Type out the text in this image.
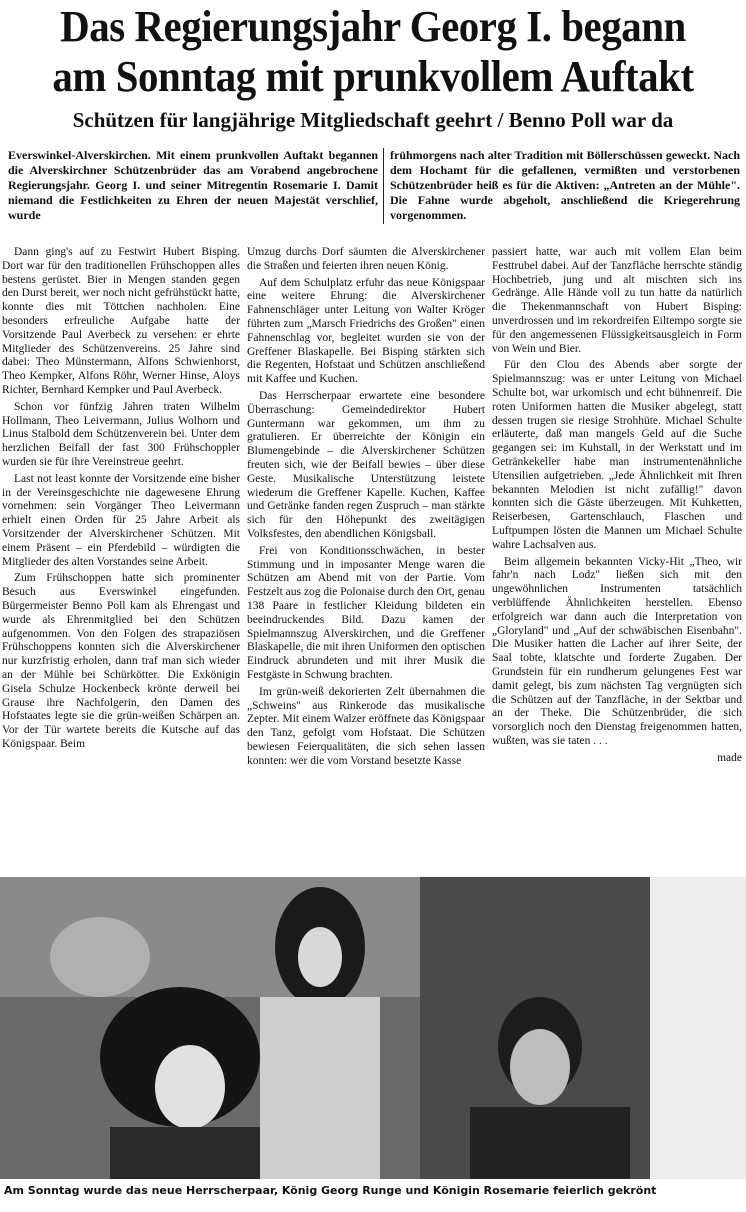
Das Regierungsjahr Georg I. begann
am Sonntag mit prunkvollem Auftakt
Schützen für langjährige Mitgliedschaft geehrt / Benno Poll war da
Everswinkel-Alverskirchen. Mit einem prunkvollen Auftakt begannen die Alverskirchner Schützenbrüder das am Vorabend angebrochene Regierungsjahr. Georg I. und seiner Mitregentin Rosemarie I. Damit niemand die Festlichkeiten zu Ehren der neuen Majestät verschlief, wurde
frühmorgens nach alter Tradition mit Böllerschüssen geweckt. Nach dem Hochamt für die gefallenen, vermißten und verstorbenen Schützenbrüder heiß es für die Aktiven: „Antreten an der Mühle". Die Fahne wurde abgeholt, anschließend die Kriegerehrung vorgenommen.

Dann ging's auf zu Festwirt Hubert Bisping. Dort war für den traditionellen Frühschoppen alles bestens gerüstet. Bier in Mengen standen gegen den Durst bereit, wer noch nicht gefrühstückt hatte, konnte dies mit Töttchen nachholen. Eine besonders erfreuliche Aufgabe hatte der Vorsitzende Paul Averbeck zu versehen: er ehrte Mitglieder des Schützenvereins. 25 Jahre sind dabei: Theo Münstermann, Alfons Schwienhorst, Theo Kempker, Alfons Röhr, Werner Hinse, Aloys Richter, Bernhard Kempker und Paul Averbeck.

Schon vor fünfzig Jahren traten Wilhelm Hollmann, Theo Leivermann, Julius Wolhorn und Linus Stalbold dem Schützenverein bei. Unter dem herzlichen Beifall der fast 300 Frühschoppler wurden sie für ihre Vereinstreue geehrt.

Last not least konnte der Vorsitzende eine bisher in der Vereinsgeschichte nie dagewesene Ehrung vornehmen: sein Vorgänger Theo Leivermann erhielt einen Orden für 25 Jahre Arbeit als Vorsitzender der Alverskirchener Schützen. Mit einem Präsent – ein Pferdebild – würdigten die Mitglieder des alten Vorstandes seine Arbeit.

Zum Frühschoppen hatte sich prominenter Besuch aus Everswinkel eingefunden. Bürgermeister Benno Poll kam als Ehrengast und wurde als Ehrenmitglied bei den Schützen aufgenommen. Von den Folgen des strapaziösen Frühschoppens konnten sich die Alverskirchener nur kurzfristig erholen, dann traf man sich wieder an der Mühle bei Schürkötter. Die Exkönigin Gisela Schulze Hockenbeck krönte derweil bei Grause ihre Nachfolgerin, den Damen des Hofstaates legte sie die grün-weißen Schärpen an. Vor der Tür wartete bereits die Kutsche auf das Königspaar. Beim

Umzug durchs Dorf säumten die Alverskirchener die Straßen und feierten ihren neuen König.

Auf dem Schulplatz erfuhr das neue Königspaar eine weitere Ehrung: die Alverskirchener Fahnenschläger unter Leitung von Walter Kröger führten zum „Marsch Friedrichs des Großen" einen Fahnenschlag vor, begleitet wurden sie von der Greffener Blaskapelle. Bei Bisping stärkten sich die Regenten, Hofstaat und Schützen anschließend mit Kaffee und Kuchen.

Das Herrscherpaar erwartete eine besondere Überraschung: Gemeindedirektor Hubert Guntermann war gekommen, um ihm zu gratulieren. Er überreichte der Königin ein Blumengebinde – die Alverskirchener Schützen freuten sich, wie der Beifall bewies – über diese Geste. Musikalische Unterstützung leistete wiederum die Greffener Kapelle. Kuchen, Kaffee und Getränke fanden regen Zuspruch – man stärkte sich für den Höhepunkt des zweitägigen Volksfestes, den abendlichen Königsball.

Frei von Konditionsschwächen, in bester Stimmung und in imposanter Menge waren die Schützen am Abend mit von der Partie. Vom Festzelt aus zog die Polonaise durch den Ort, genau 138 Paare in festlicher Kleidung bildeten ein beeindruckendes Bild. Dazu kamen der Spielmannszug Alverskirchen, und die Greffener Blaskapelle, die mit ihren Uniformen den optischen Eindruck abrundeten und mit ihrer Musik die Festgäste in Schwung brachten.

Im grün-weiß dekorierten Zelt übernahmen die „Schweins" aus Rinkerode das musikalische Zepter. Mit einem Walzer eröffnete das Königspaar den Tanz, gefolgt vom Hofstaat. Die Schützen bewiesen Feierqualitäten, die sich sehen lassen konnten: wer die vom Vorstand besetzte Kasse

passiert hatte, war auch mit vollem Elan beim Festtrubel dabei. Auf der Tanzfläche herrschte ständig Hochbetrieb, jung und alt mischten sich ins Gedränge. Alle Hände voll zu tun hatte da natürlich die Thekenmannschaft von Hubert Bisping: unverdrossen und im rekordreifen Eiltempo sorgte sie für den angemessenen Flüssigkeitsausgleich in Form von Wein und Bier.

Für den Clou des Abends aber sorgte der Spielmannszug: was er unter Leitung von Michael Schulte bot, war urkomisch und echt bühnenreif. Die roten Uniformen hatten die Musiker abgelegt, statt dessen trugen sie riesige Strohhüte. Michael Schulte erläuterte, daß man mangels Geld auf die Suche gegangen sei: im Kuhstall, in der Werkstatt und im Getränkekeller habe man instrumentenähnliche Utensilien aufgetrieben. „Jede Ähnlichkeit mit Ihren bekannten Melodien ist nicht zufällig!" davon konnten sich die Gäste überzeugen. Mit Kuhketten, Reiserbesen, Gartenschlauch, Flaschen und Luftpumpen lösten die Mannen um Michael Schulte wahre Lachsalven aus.

Beim allgemein bekannten Vicky-Hit „Theo, wir fahr'n nach Lodz" ließen sich mit den ungewöhnlichen Instrumenten tatsächlich verblüffende Ähnlichkeiten herstellen. Ebenso erfolgreich war dann auch die Interpretation von „Gloryland" und „Auf der schwäbischen Eisenbahn". Die Musiker hatten die Lacher auf ihrer Seite, der Saal tobte, klatschte und forderte Zugaben. Der Grundstein für ein rundherum gelungenes Fest war damit gelegt, bis zum nächsten Tag vergnügten sich die Schützen auf der Tanzfläche, in der Sektbar und an der Theke. Die Schützenbrüder, die sich vorsorglich noch den Dienstag freigenommen hatten, wußten, was sie taten . . .

made
Am Sonntag wurde das neue Herrscherpaar, König Georg Runge und Königin Rosemarie feierlich gekrönt
